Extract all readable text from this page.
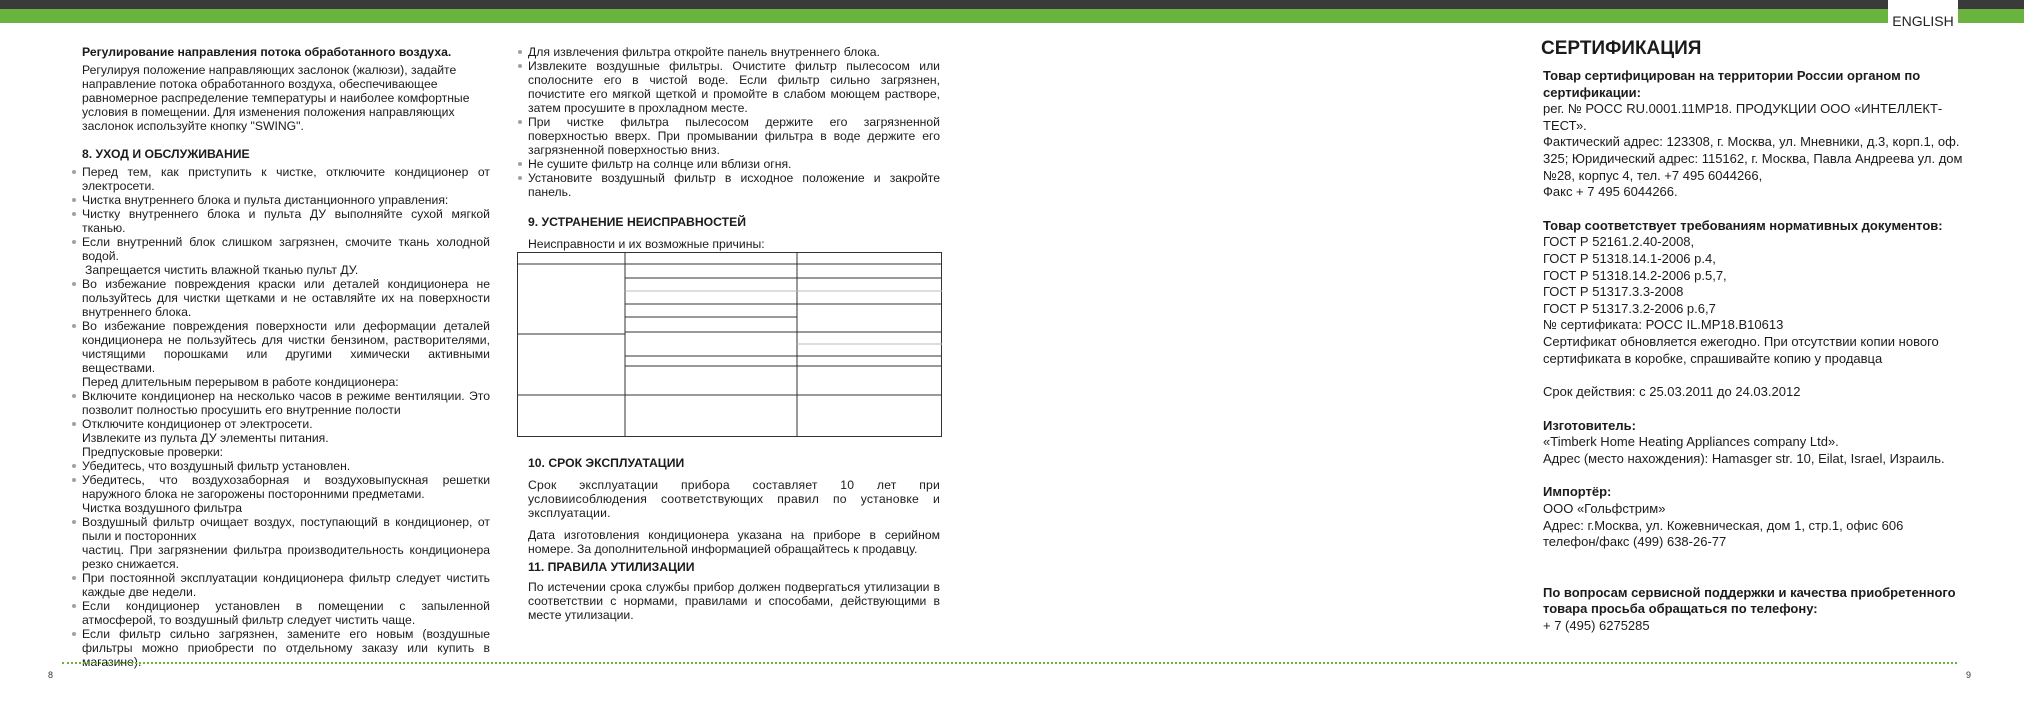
ENGLISH

Регулирование направления потока обработанного воздуха.

Регулируя положение направляющих заслонок (жалюзи), задайте направление потока обработанного воздуха, обеспечивающее равномерное распределение температуры и наиболее комфортные условия в помещении. Для изменения положения направляющих заслонок используйте кнопку "SWING".

8. УХОД И ОБСЛУЖИВАНИЕ

Перед тем, как приступить к чистке, отключите кондиционер от электросети.

Чистка внутреннего блока и пульта дистанционного управления:

Чистку внутреннего блока и пульта ДУ выполняйте сухой мягкой тканью.

Если внутренний блок слишком загрязнен, смочите ткань холодной водой.

Запрещается чистить влажной тканью пульт ДУ.

Во избежание повреждения краски или деталей кондиционера не пользуйтесь для чистки щетками и не оставляйте их на поверхности внутреннего блока.

Во избежание повреждения поверхности или деформации деталей кондиционера не пользуйтесь для чистки бензином, растворителями, чистящими порошками или другими химически активными веществами.

Перед длительным перерывом в работе кондиционера:

Включите кондиционер на несколько часов в режиме вентиляции. Это позволит полностью просушить его внутренние полости

Отключите кондиционер от электросети.

Извлеките из пульта ДУ элементы питания.

Предпусковые проверки:

Убедитесь, что воздушный фильтр установлен.

Убедитесь, что воздухозаборная и воздуховыпускная решетки наружного блока не загорожены посторонними предметами.

Чистка воздушного фильтра

Воздушный фильтр очищает воздух, поступающий в кондиционер, от пыли и посторонних

частиц. При загрязнении фильтра производительность кондиционера резко снижается.

При постоянной эксплуатации кондиционера фильтр следует чистить каждые две недели.

Если кондиционер установлен в помещении с запыленной атмосферой, то воздушный фильтр следует чистить чаще.

Если фильтр сильно загрязнен, замените его новым (воздушные фильтры можно приобрести по отдельному заказу или купить в магазине).

Для извлечения фильтра откройте панель внутреннего блока.

Извлеките воздушные фильтры. Очистите фильтр пылесосом или сполосните его в чистой воде. Если фильтр сильно загрязнен, почистите его мягкой щеткой и промойте в слабом моющем растворе, затем просушите в прохладном месте.

При чистке фильтра пылесосом держите его загрязненной поверхностью вверх. При промывании фильтра в воде держите его загрязненной поверхностью вниз.

Не сушите фильтр на солнце или вблизи огня.

Установите воздушный фильтр в исходное положение и закройте панель.

9. УСТРАНЕНИЕ НЕИСПРАВНОСТЕЙ

Неисправности и их возможные причины:

10. СРОК ЭКСПЛУАТАЦИИ

Срок эксплуатации прибора составляет 10 лет при условиисоблюдения соответствующих правил по установке и эксплуатации.

Дата изготовления кондиционера указана на приборе в серийном номере. За дополнительной информацией обращайтесь к продавцу.

11. ПРАВИЛА УТИЛИЗАЦИИ

По истечении срока службы прибор должен подвергаться утилизации в соответствии с нормами, правилами и способами, действующими в месте утилизации.

СЕРТИФИКАЦИЯ

Товар сертифицирован на территории России органом по сертификации:

рег. № РОСС RU.0001.11МР18. ПРОДУКЦИИ ООО «ИНТЕЛЛЕКТ-ТЕСТ».

Фактический адрес: 123308, г. Москва, ул. Мневники, д.3, корп.1, оф. 325; Юридический адрес: 115162, г. Москва, Павла Андреева ул. дом №28, корпус 4, тел. +7 495 6044266,

Факс + 7 495 6044266.

Товар соответствует требованиям нормативных документов:

ГОСТ Р 52161.2.40-2008,

ГОСТ Р 51318.14.1-2006 р.4,

ГОСТ Р 51318.14.2-2006 р.5,7,

ГОСТ Р 51317.3.3-2008

ГОСТ Р 51317.3.2-2006 р.6,7

№ сертификата: РОСС IL.МР18.В10613

Сертификат обновляется ежегодно. При отсутствии копии нового сертификата в коробке, спрашивайте копию у продавца

Срок действия: с 25.03.2011 до 24.03.2012

Изготовитель:

«Timberk Home Heating Appliances company Ltd».

Адрес (место нахождения): Hamasger str. 10, Eilat, Israel, Израиль.

Импортёр:

ООО «Гольфстрим»

Адрес: г.Москва, ул. Кожевническая, дом 1, стр.1, офис 606

телефон/факс (499) 638-26-77

По вопросам сервисной поддержки и качества приобретенного товара просьба обращаться по телефону:

+ 7 (495) 6275285

8	9
